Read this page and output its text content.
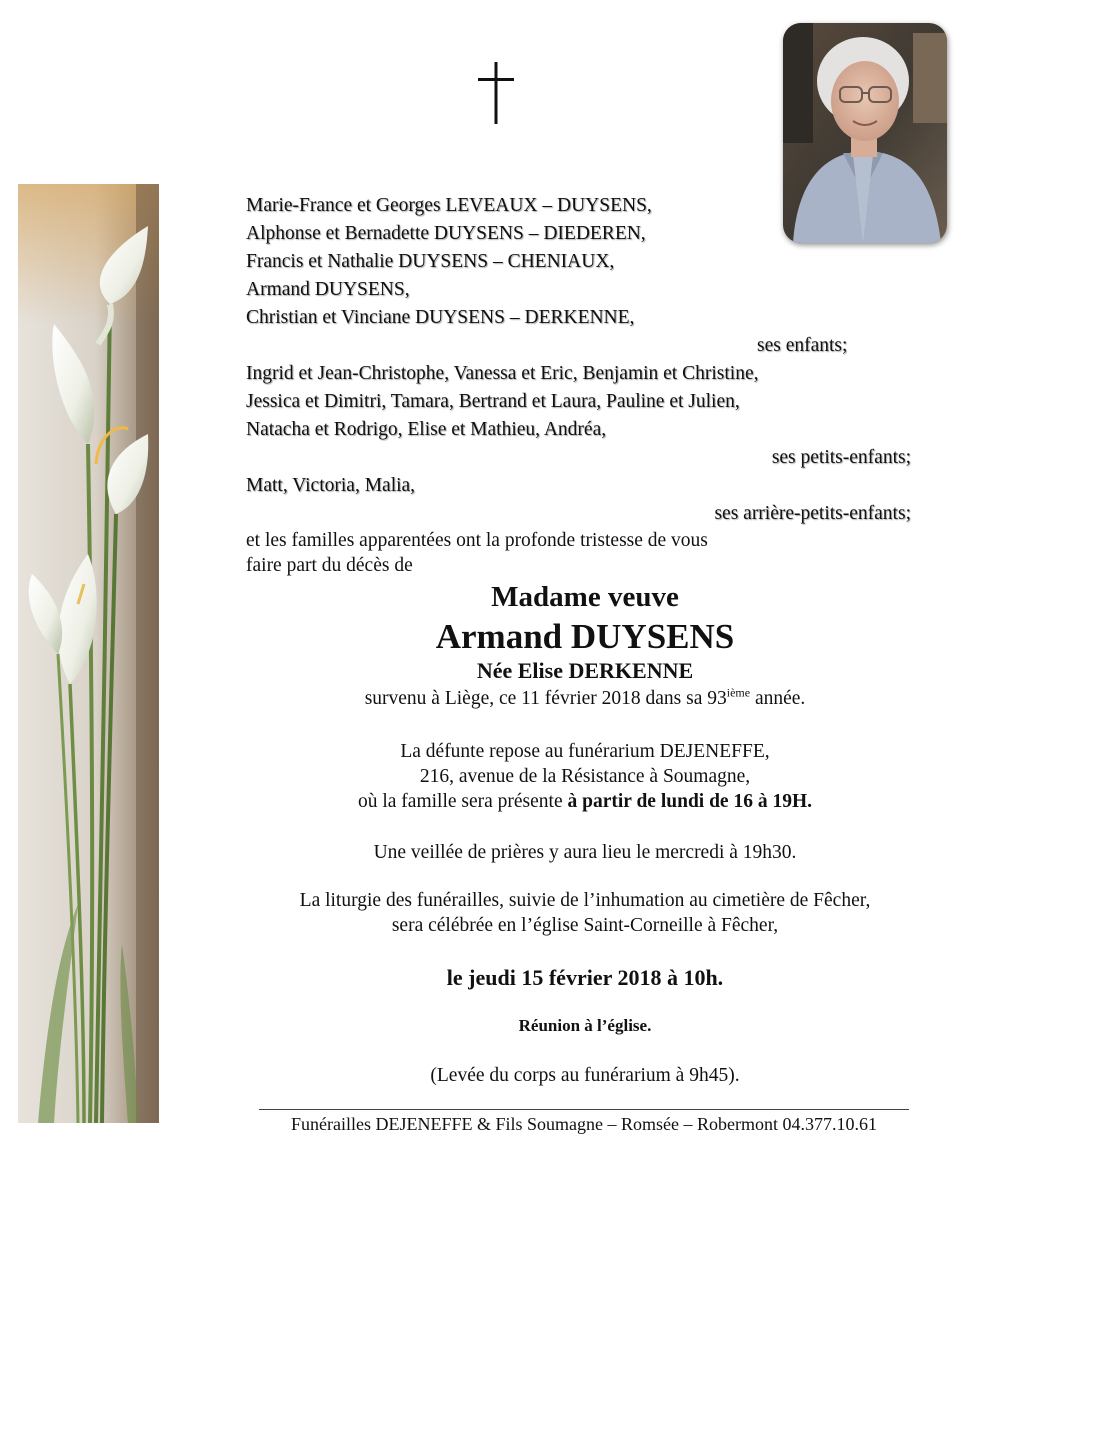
Marie-France et Georges LEVEAUX – DUYSENS,
Alphonse et Bernadette DUYSENS – DIEDEREN,
Francis et Nathalie DUYSENS – CHENIAUX,
Armand DUYSENS,
Christian et Vinciane DUYSENS – DERKENNE,
ses enfants;
Ingrid et Jean-Christophe, Vanessa et Eric, Benjamin et Christine,
Jessica et Dimitri, Tamara, Bertrand et Laura, Pauline et Julien,
Natacha et Rodrigo, Elise et Mathieu, Andréa,
ses petits-enfants;
Matt, Victoria, Malia,
ses arrière-petits-enfants;
et les familles apparentées ont la profonde tristesse de vous
faire part du décès de
Madame veuve
Armand DUYSENS
Née Elise DERKENNE
survenu à Liège, ce 11 février 2018 dans sa 93ième année.
La défunte repose au funérarium DEJENEFFE,
216, avenue de la Résistance à Soumagne,
où la famille sera présente à partir de lundi de 16 à 19H.
Une veillée de prières y aura lieu le mercredi à 19h30.
La liturgie des funérailles, suivie de l’inhumation au cimetière de Fêcher,
sera célébrée en l’église Saint-Corneille à Fêcher,
le jeudi 15 février 2018 à 10h.
Réunion à l’église.
(Levée du corps au funérarium à 9h45).
Funérailles DEJENEFFE & Fils Soumagne – Romsée – Robermont 04.377.10.61
